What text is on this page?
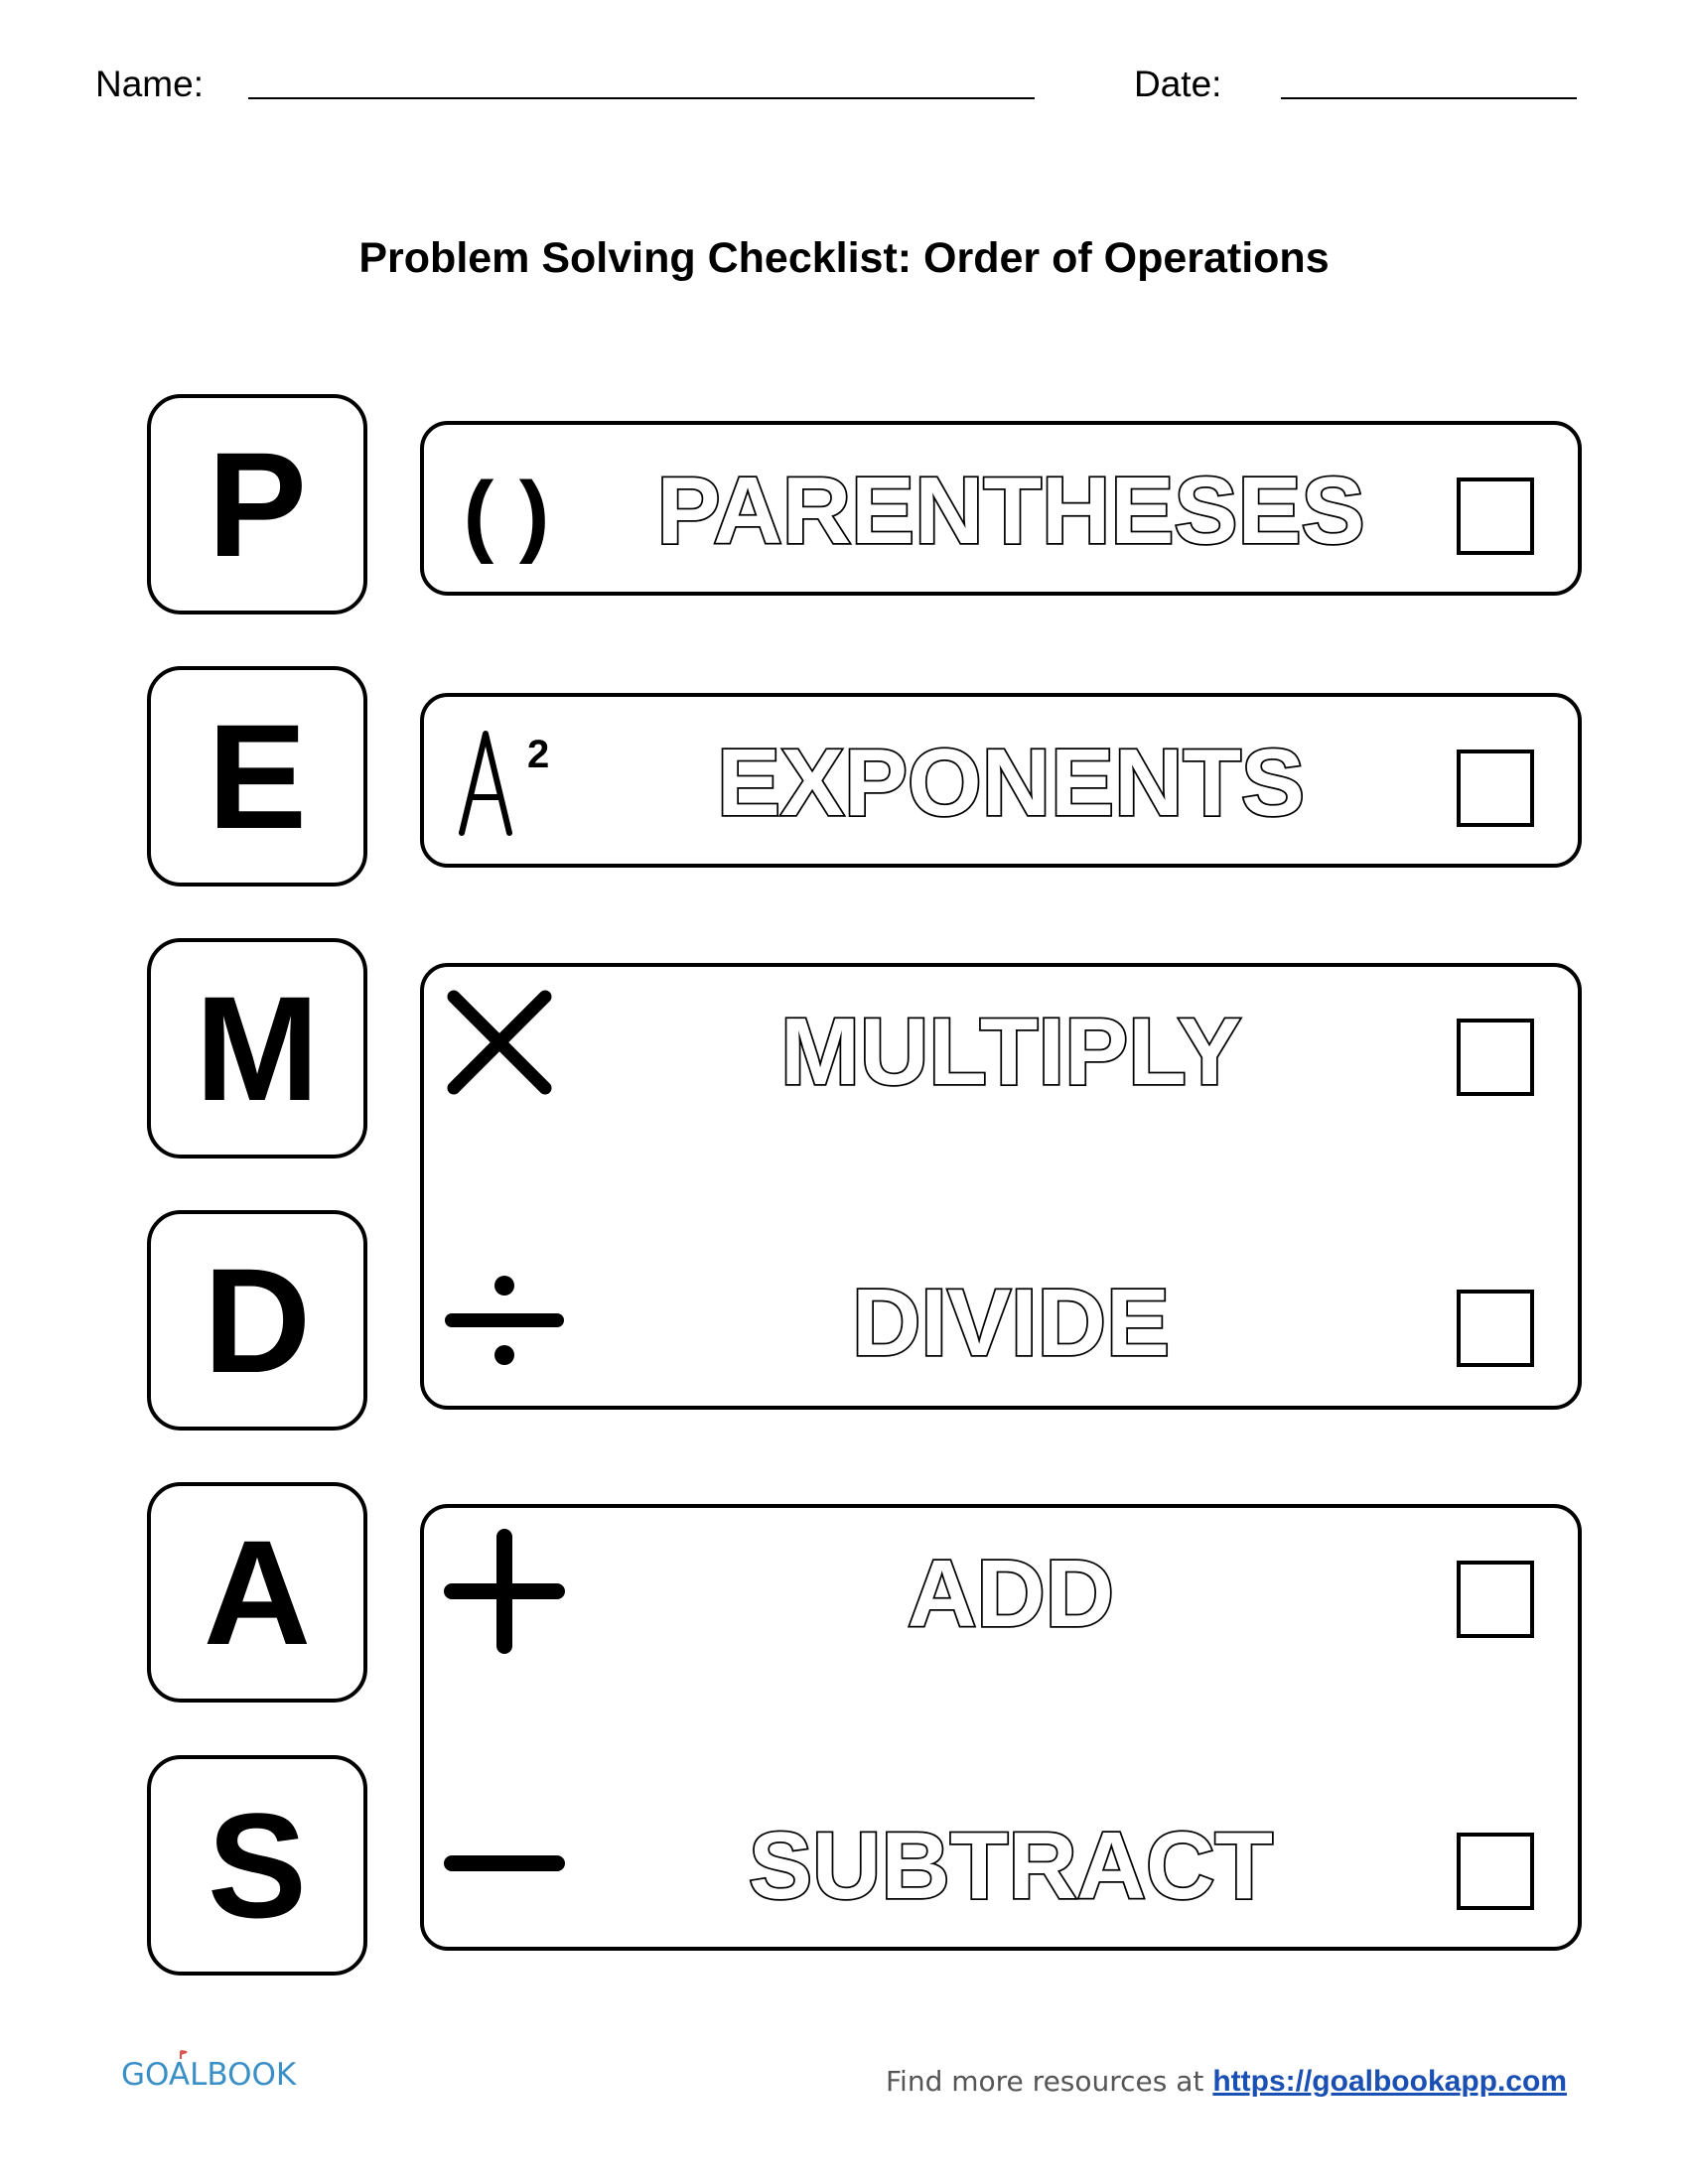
Name:	Date:
Problem Solving Checklist: Order of Operations
P
E
M
D
A
S
( ) PARENTHESES
2 EXPONENTS
MULTIPLY
DIVIDE
ADD
SUBTRACT
GOALBOOK	Find more resources at https://goalbookapp.com
